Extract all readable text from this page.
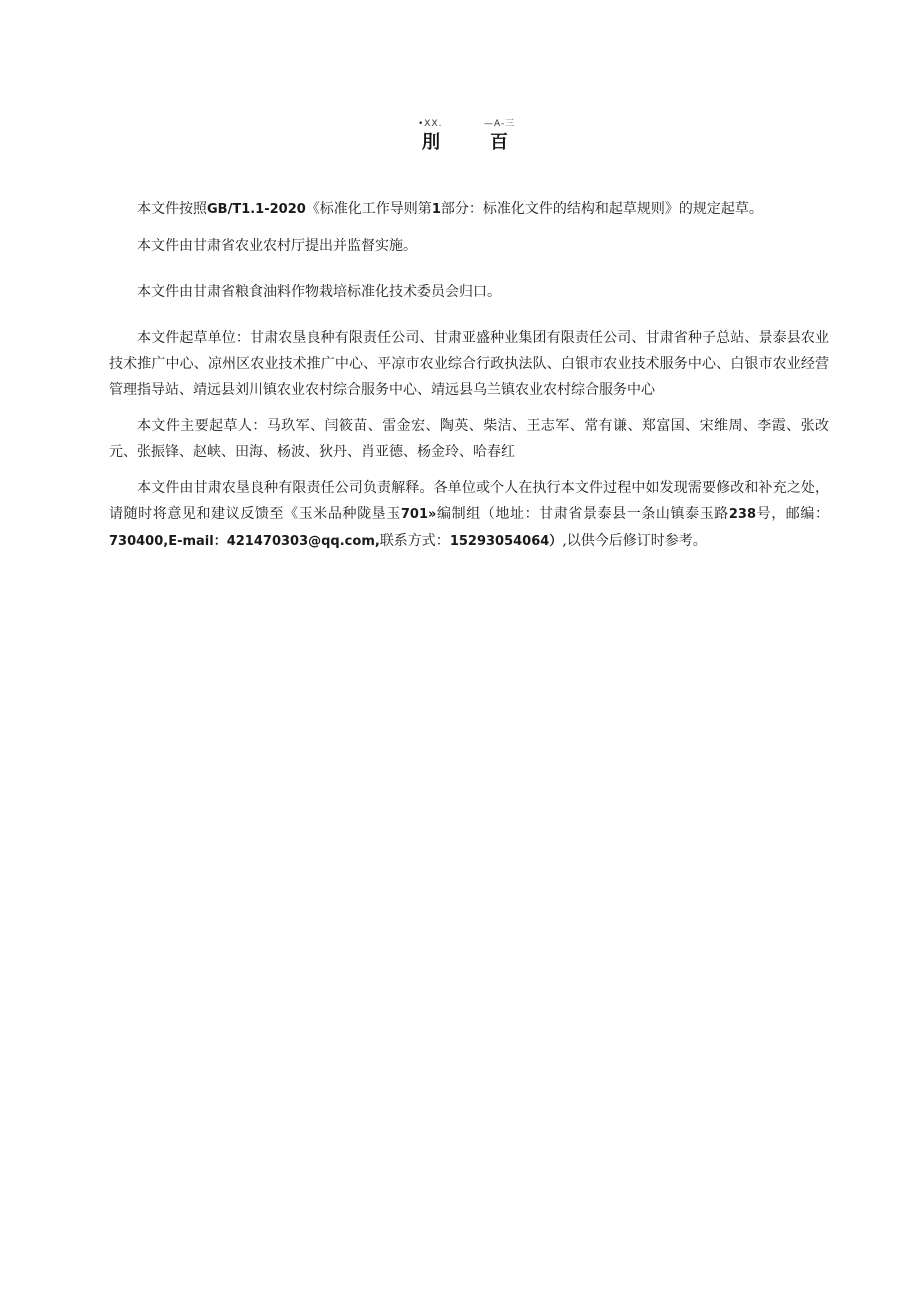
•XX.	—A-三
刖	百

本文件按照GB/T1.1-2020《标准化工作导则第1部分：标准化文件的结构和起草规则》的规定起草。

本文件由甘肃省农业农村厅提出并监督实施。

本文件由甘肃省粮食油料作物栽培标准化技术委员会归口。

本文件起草单位：甘肃农垦良种有限责任公司、甘肃亚盛种业集团有限责任公司、甘肃省种子总站、景泰县农业技术推广中心、凉州区农业技术推广中心、平凉市农业综合行政执法队、白银市农业技术服务中心、白银市农业经营管理指导站、靖远县刘川镇农业农村综合服务中心、靖远县乌兰镇农业农村综合服务中心

本文件主要起草人：马玖军、闫筱苗、雷金宏、陶英、柴洁、王志军、常有谦、郑富国、宋维周、李霞、张改元、张振锋、赵峡、田海、杨波、狄丹、肖亚德、杨金玲、哈春红

本文件由甘肃农垦良种有限责任公司负责解释。各单位或个人在执行本文件过程中如发现需要修改和补充之处，请随时将意见和建议反馈至《玉米品种陇垦玉701»编制组（地址：甘肃省景泰县一条山镇泰玉路238号，邮编：730400,E-mail：421470303@qq.com,联系方式：15293054064）,以供今后修订时参考。
